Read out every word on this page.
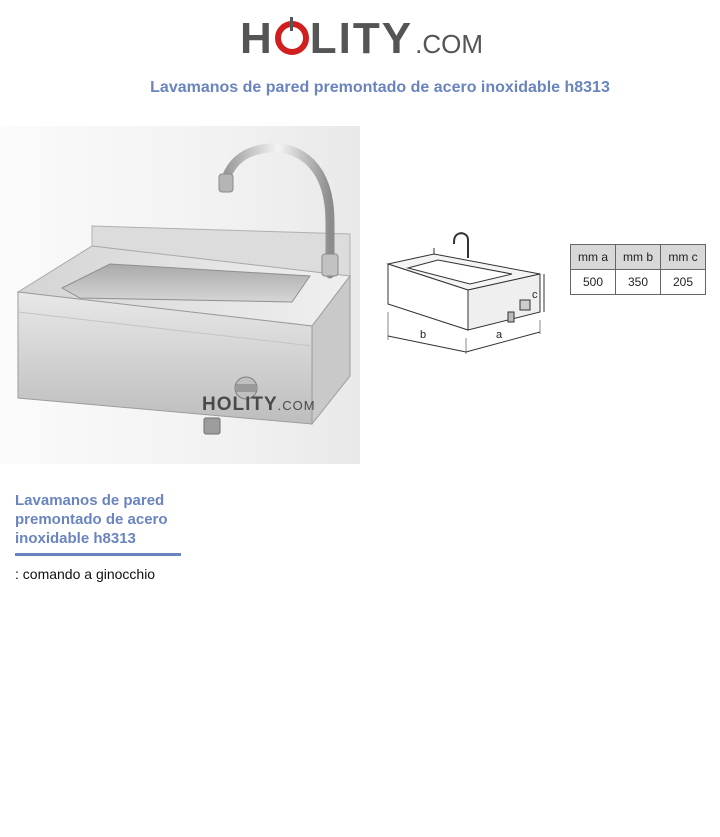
H LITY .COM
Lavamanos de pared premontado de acero inoxidable h8313
HOLITY.COM
b	a
c
mm a	mm b	mm c
500	350	205
Lavamanos de pared premontado de acero inoxidable h8313
: comando a ginocchio
